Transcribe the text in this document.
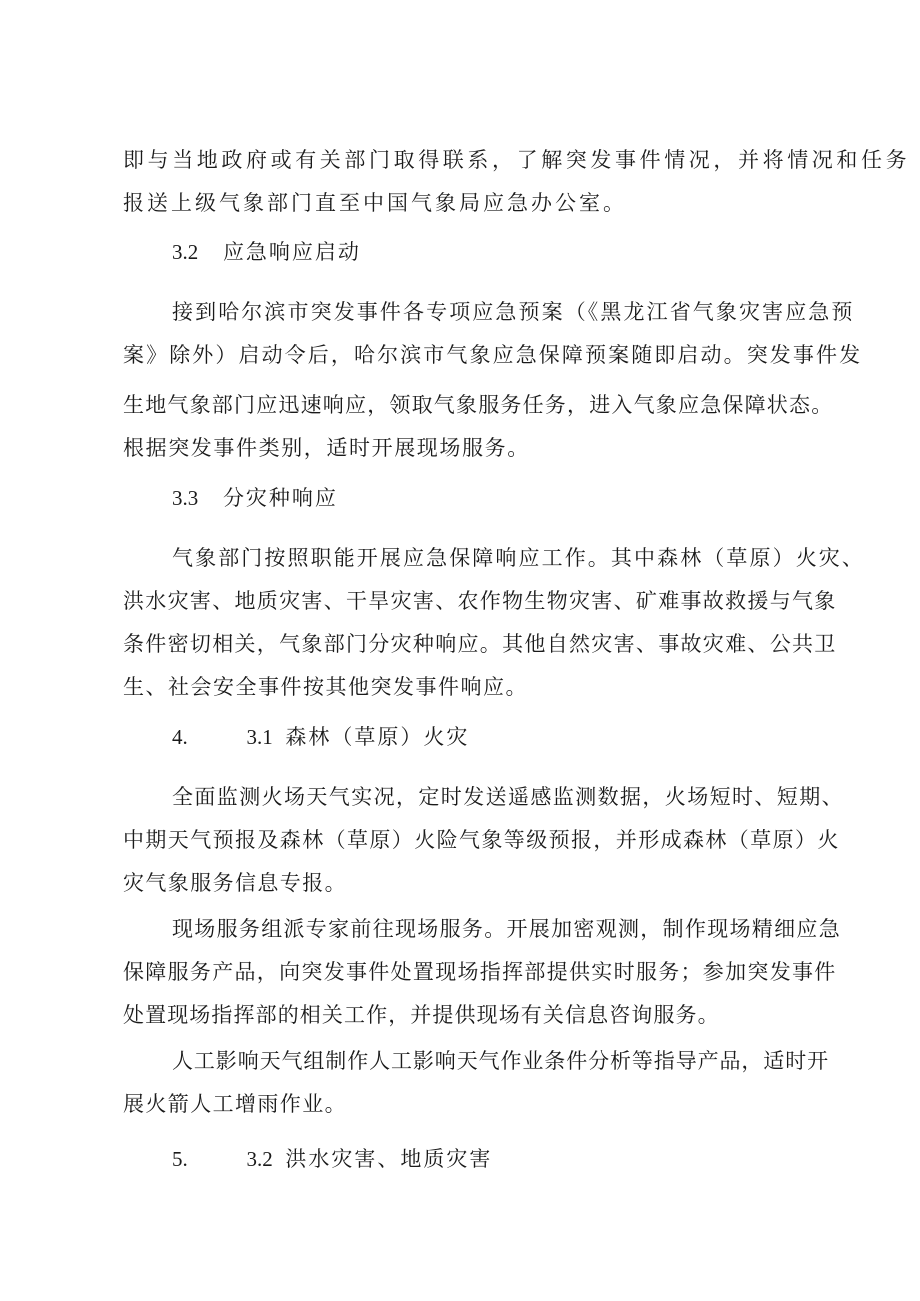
即与当地政府或有关部门取得联系，了解突发事件情况，并将情况和任务
报送上级气象部门直至中国气象局应急办公室。
3.2 应急响应启动
接到哈尔滨市突发事件各专项应急预案（《黑龙江省气象灾害应急预
案》除外）启动令后，哈尔滨市气象应急保障预案随即启动。突发事件发
生地气象部门应迅速响应，领取气象服务任务，进入气象应急保障状态。
根据突发事件类别，适时开展现场服务。
3.3 分灾种响应
气象部门按照职能开展应急保障响应工作。其中森林（草原）火灾、
洪水灾害、地质灾害、干旱灾害、农作物生物灾害、矿难事故救援与气象
条件密切相关，气象部门分灾种响应。其他自然灾害、事故灾难、公共卫
生、社会安全事件按其他突发事件响应。
4.	3.1 森林（草原）火灾
全面监测火场天气实况，定时发送遥感监测数据，火场短时、短期、
中期天气预报及森林（草原）火险气象等级预报，并形成森林（草原）火
灾气象服务信息专报。
现场服务组派专家前往现场服务。开展加密观测，制作现场精细应急
保障服务产品，向突发事件处置现场指挥部提供实时服务；参加突发事件
处置现场指挥部的相关工作，并提供现场有关信息咨询服务。
人工影响天气组制作人工影响天气作业条件分析等指导产品，适时开
展火箭人工增雨作业。
5.	3.2 洪水灾害、地质灾害
